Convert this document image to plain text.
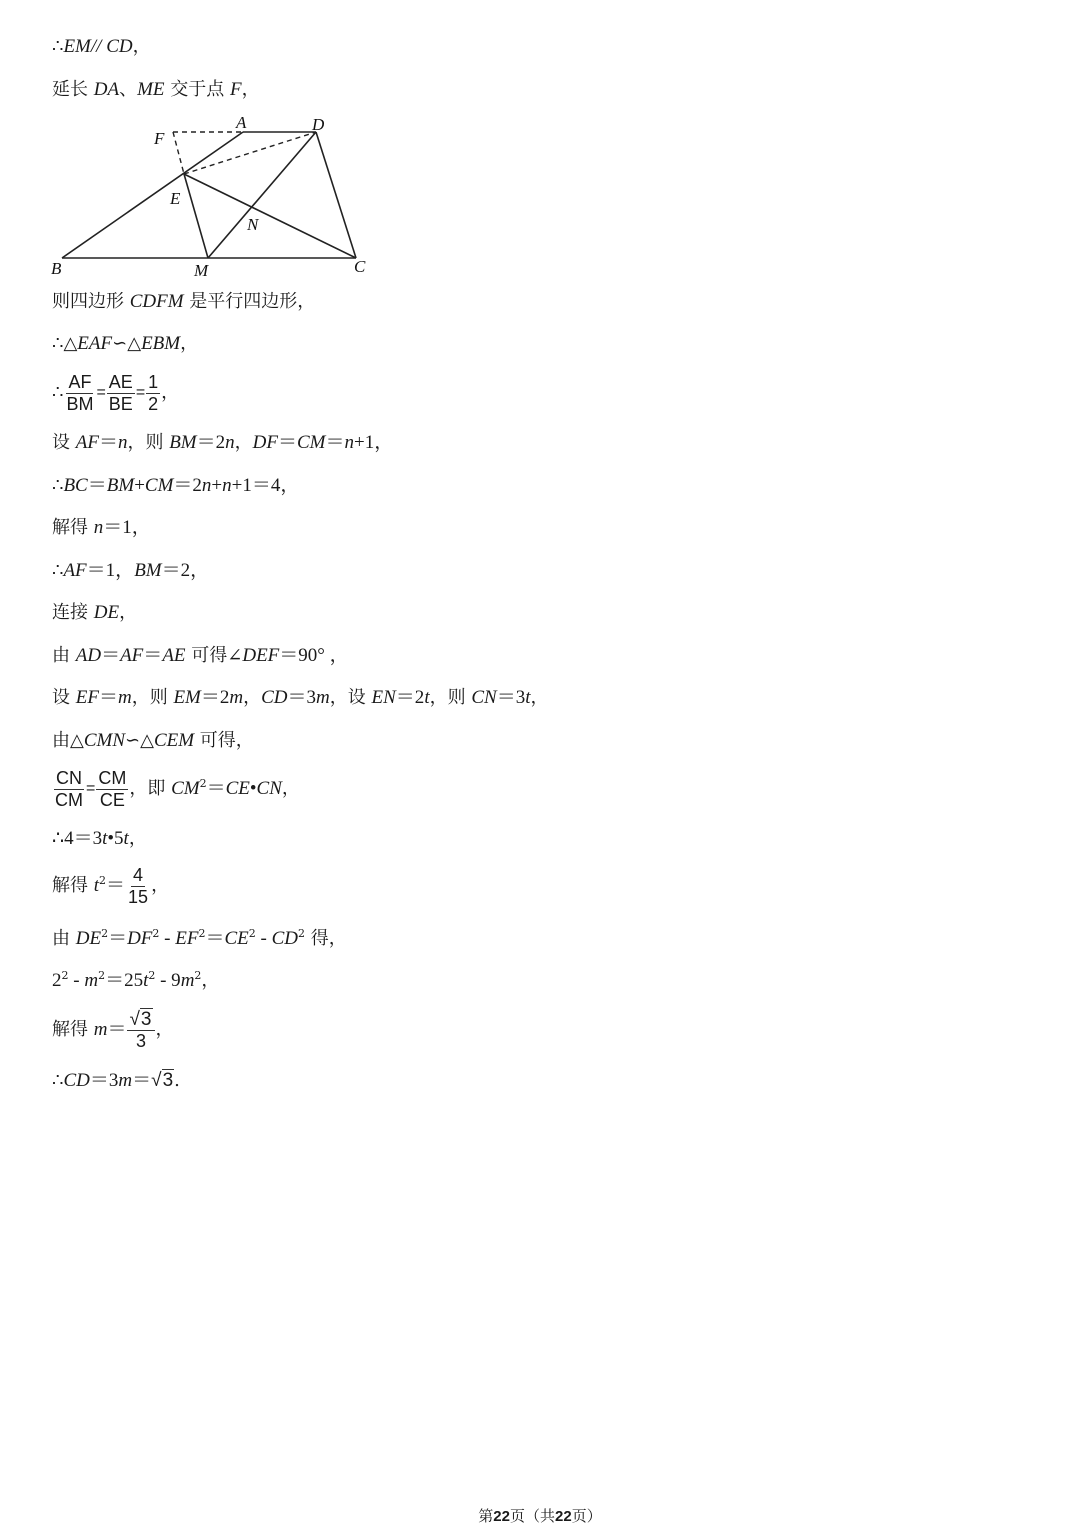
∴EM// CD，
延长 DA、ME 交于点 F，
A	D
F
E
N
B	M	C
则四边形 CDFM 是平行四边形，
∴△EAF∽△EBM，
∴ $\frac{AF}{BM} = \frac{AE}{BE} = \frac{1}{2}$ ，
设 AF＝n，则 BM＝2n，DF＝CM＝n+1，
∴BC＝BM+CM＝2n+n+1＝4，
解得 n＝1，
∴AF＝1，BM＝2，
连接 DE，
由 AD＝AF＝AE 可得∠DEF＝90° ，
设 EF＝m，则 EM＝2m，CD＝3m，设 EN＝2t，则 CN＝3t，
由△CMN∽△CEM 可得，
$\frac{CN}{CM} = \frac{CM}{CE}$ ，即 $CM^2=CE•CN$，
∴4＝3t•5t，
解得 $t^2= \frac{4}{15}$ ，
由 $DE^2=DF^2 - EF^2=CE^2 - CD^2$ 得，
$2^2 - m^2=25t^2 - 9m^2$，
解得 $m= \frac{√3}{3}$ ，
∴CD＝3m＝√3.
第22页（共22页）
